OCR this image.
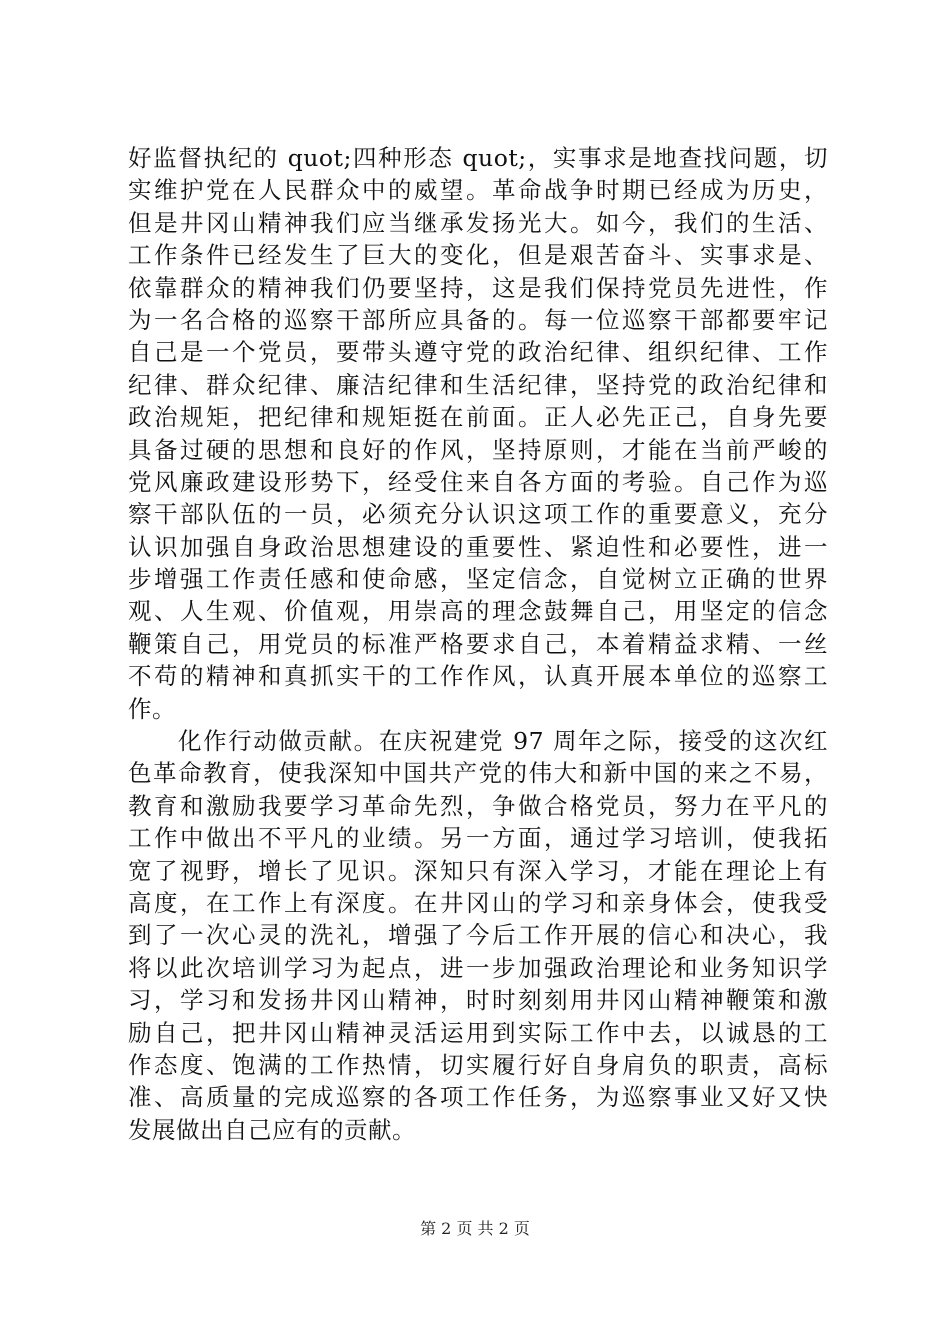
好监督执纪的 quot;四种形态 quot;，实事求是地查找问题，切
实维护党在人民群众中的威望。革命战争时期已经成为历史，
但是井冈山精神我们应当继承发扬光大。如今，我们的生活、
工作条件已经发生了巨大的变化，但是艰苦奋斗、实事求是、
依靠群众的精神我们仍要坚持，这是我们保持党员先进性，作
为一名合格的巡察干部所应具备的。每一位巡察干部都要牢记
自己是一个党员，要带头遵守党的政治纪律、组织纪律、工作
纪律、群众纪律、廉洁纪律和生活纪律，坚持党的政治纪律和
政治规矩，把纪律和规矩挺在前面。正人必先正己，自身先要
具备过硬的思想和良好的作风，坚持原则，才能在当前严峻的
党风廉政建设形势下，经受住来自各方面的考验。自己作为巡
察干部队伍的一员，必须充分认识这项工作的重要意义，充分
认识加强自身政治思想建设的重要性、紧迫性和必要性，进一
步增强工作责任感和使命感，坚定信念，自觉树立正确的世界
观、人生观、价值观，用崇高的理念鼓舞自己，用坚定的信念
鞭策自己，用党员的标准严格要求自己，本着精益求精、一丝
不苟的精神和真抓实干的工作作风，认真开展本单位的巡察工
作。
化作行动做贡献。在庆祝建党 97 周年之际，接受的这次红
色革命教育，使我深知中国共产党的伟大和新中国的来之不易，
教育和激励我要学习革命先烈，争做合格党员，努力在平凡的
工作中做出不平凡的业绩。另一方面，通过学习培训，使我拓
宽了视野，增长了见识。深知只有深入学习，才能在理论上有
高度，在工作上有深度。在井冈山的学习和亲身体会，使我受
到了一次心灵的洗礼，增强了今后工作开展的信心和决心，我
将以此次培训学习为起点，进一步加强政治理论和业务知识学
习，学习和发扬井冈山精神，时时刻刻用井冈山精神鞭策和激
励自己，把井冈山精神灵活运用到实际工作中去，以诚恳的工
作态度、饱满的工作热情，切实履行好自身肩负的职责，高标
准、高质量的完成巡察的各项工作任务，为巡察事业又好又快
发展做出自己应有的贡献。
第 2 页 共 2 页
